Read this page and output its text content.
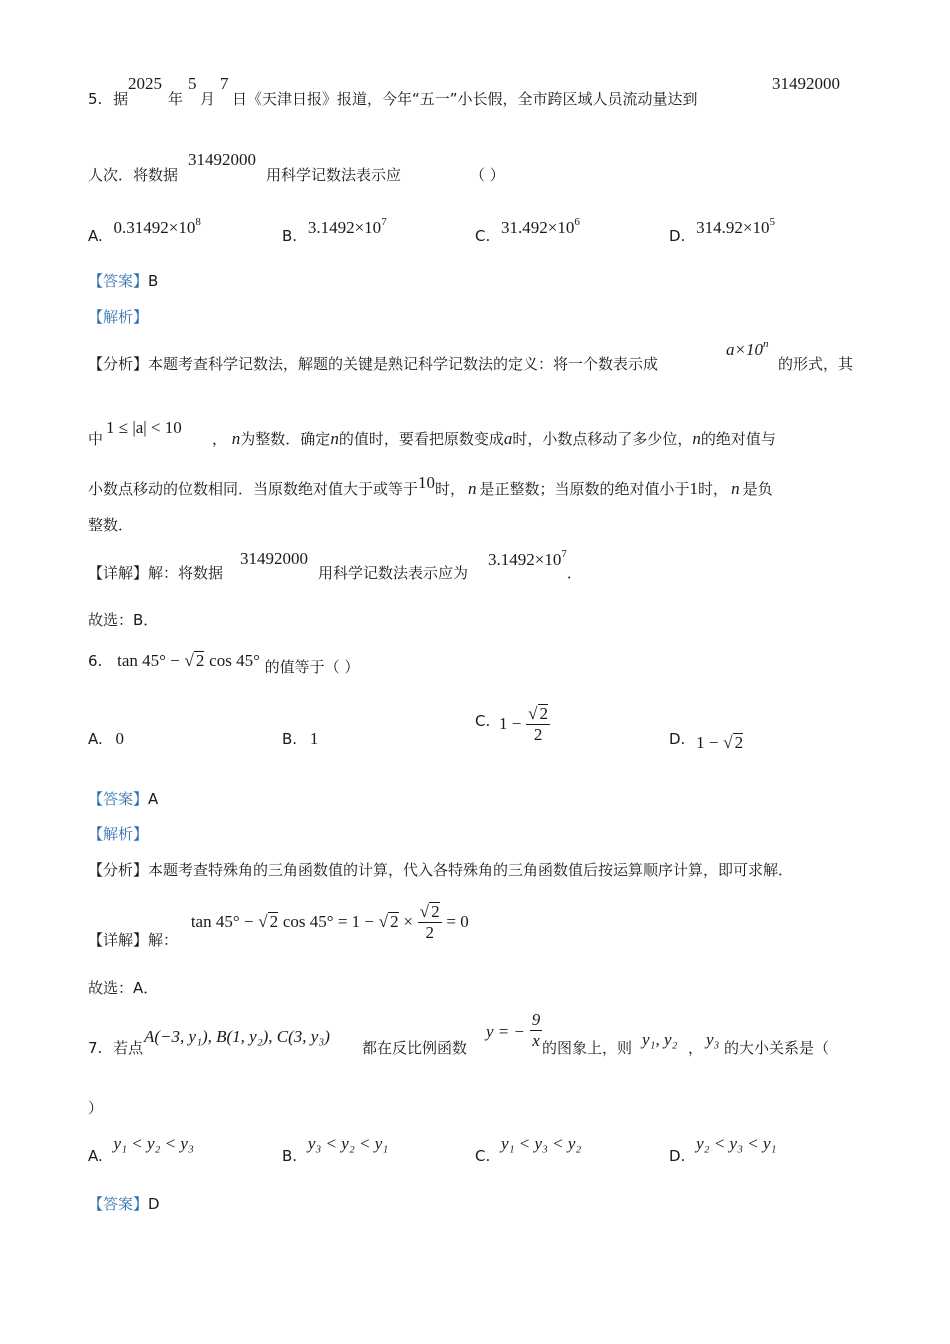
5. 据
2025
年
5
月
7
日《天津日报》报道，今年“五一”小长假，全市跨区域人员流动量达到
31492000
人次．将数据
31492000
用科学记数法表示应	（ ）
A. $0.31492\times 10^8$
B. $3.1492\times 10^7$
C. $31.492\times 10^6$
D. $314.92\times 10^5$
【答案】B
【解析】
【分析】本题考查科学记数法，解题的关键是熟记科学记数法的定义：将一个数表示成
$a\times 10^n$
的形式，其
中
1 ≤ |a| < 10
， n为整数．确定n的值时，要看把原数变成a时，小数点移动了多少位，n的绝对值与
小数点移动的位数相同．当原数绝对值大于或等于10时， n 是正整数；当原数的绝对值小于1时， n 是负
整数．
【详解】解：将数据
31492000
用科学记数法表示应为
$3.1492\times 10^7$．
故选：B．
6. tan 45° − √ 2 cos 45° 的值等于（ ）
A. 0	B. 1
C. $1 - \frac{√ 2}{2}$	D. 1 − √ 2
【答案】A
【解析】
【分析】本题考查特殊角的三角函数值的计算，代入各特殊角的三角函数值后按运算顺序计算，即可求解．
【详解】解： tan 45° − √ 2 cos 45° = 1 − √ $2 \times \frac{√ 2}{2} = 0$
故选：A．
7. 若点
A(−3, y₁), B(1, y₂), C(3, y₃)
都在反比例函数
y = − $\frac{9}{x}$ 的图象上，则 y₁, y₂ ， y₃ 的大小关系是（
）
A. y₁ < y₂ < y₃
B. y₃ < y₂ < y₁
C. y₁ < y₃ < y₂
D. y₂ < y₃ < y₁
【答案】D
